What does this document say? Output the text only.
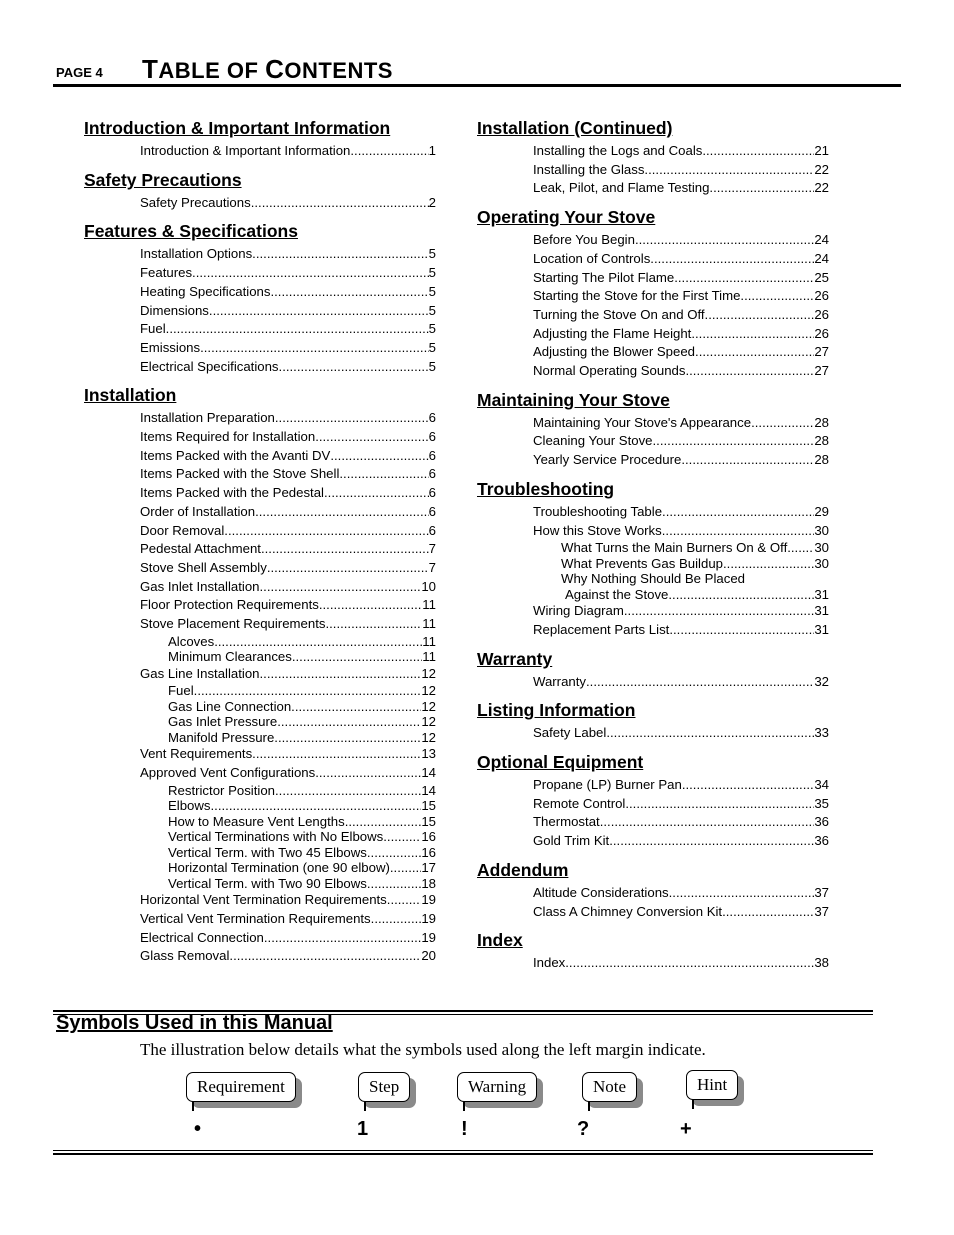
PAGE 4 TABLE OF CONTENTS
Introduction & Important Information
Introduction & Important Information .....	1
Safety Precautions
Safety Precautions .....	2
Features & Specifications
Installation Options .....	5
Features .....	5
Heating Specifications .....	5
Dimensions .....	5
Fuel .....	5
Emissions .....	5
Electrical Specifications .....	5
Installation
Installation Preparation .....	6
Items Required for Installation .....	6
Items Packed with the Avanti DV .....	6
Items Packed with the Stove Shell .....	6
Items Packed with the Pedestal .....	6
Order of Installation .....	6
Door Removal .....	6
Pedestal Attachment .....	7
Stove Shell Assembly .....	7
Gas Inlet Installation .....	10
Floor Protection Requirements .....	11
Stove Placement Requirements .....	11
Alcoves .....	11
Minimum Clearances .....	11
Gas Line Installation .....	12
Fuel .....	12
Gas Line Connection .....	12
Gas Inlet Pressure .....	12
Manifold Pressure .....	12
Vent Requirements .....	13
Approved Vent Configurations .....	14
Restrictor Position .....	14
Elbows .....	15
How to Measure Vent Lengths .....	15
Vertical Terminations with No Elbows .....	16
Vertical Term. with Two 45 Elbows .....	16
Horizontal Termination (one 90 elbow) ..... 17
Vertical Term. with Two 90 Elbows .....	18
Horizontal Vent Termination Requirements .....	19
Vertical Vent Termination Requirements .....	19
Electrical Connection .....	19
Glass Removal .....	20
Installation (Continued)
Installing the Logs and Coals .....	21
Installing the Glass .....	22
Leak, Pilot, and Flame Testing .....	22
Operating Your Stove
Before You Begin .....	24
Location of Controls .....	24
Starting The Pilot Flame .....	25
Starting the Stove for the First Time .....	26
Turning the Stove On and Off .....	26
Adjusting the Flame Height .....	26
Adjusting the Blower Speed .....	27
Normal Operating Sounds .....	27
Maintaining Your Stove
Maintaining Your Stove's Appearance .....	28
Cleaning Your Stove .....	28
Yearly Service Procedure .....	28
Troubleshooting
Troubleshooting Table .....	29
How this Stove Works .....	30
What Turns the Main Burners On & Off ..... 30
What Prevents Gas Buildup .....	30
Why Nothing Should Be Placed
Against the Stove .....	31
Wiring Diagram .....	31
Replacement Parts List .....	31
Warranty
Warranty .....	32
Listing Information
Safety Label .....	33
Optional Equipment
Propane (LP) Burner Pan .....	34
Remote Control .....	35
Thermostat .....	36
Gold Trim Kit .....	36
Addendum
Altitude Considerations .....	37
Class A Chimney Conversion Kit .....	37
Index
Index .....	38
Symbols Used in this Manual
The illustration below details what the symbols used along the left margin indicate.
Requirement	Step	Warning	Note	Hint
•	1	!	?	+
